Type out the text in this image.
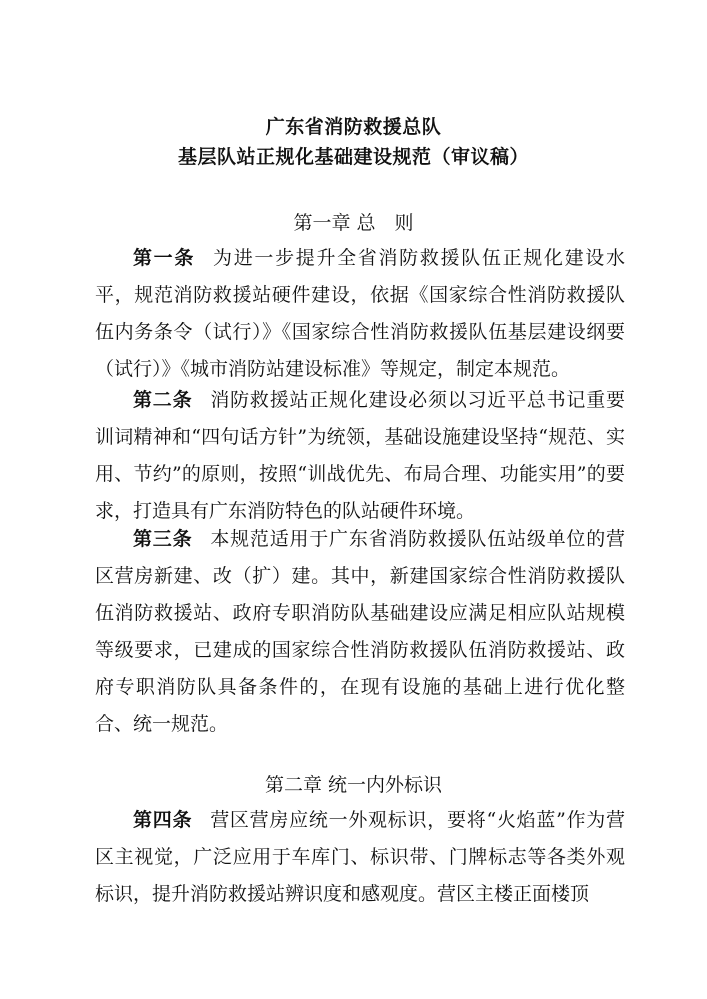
广东省消防救援总队
基层队站正规化基础建设规范（审议稿）
第一章 总　则

第一条 为进一步提升全省消防救援队伍正规化建设水平，规范消防救援站硬件建设，依据《国家综合性消防救援队伍内务条令（试行）》《国家综合性消防救援队伍基层建设纲要（试行）》《城市消防站建设标准》等规定，制定本规范。

第二条 消防救援站正规化建设必须以习近平总书记重要训词精神和“四句话方针”为统领，基础设施建设坚持“规范、实用、节约”的原则，按照“训战优先、布局合理、功能实用”的要求，打造具有广东消防特色的队站硬件环境。

第三条 本规范适用于广东省消防救援队伍站级单位的营区营房新建、改（扩）建。其中，新建国家综合性消防救援队伍消防救援站、政府专职消防队基础建设应满足相应队站规模等级要求，已建成的国家综合性消防救援队伍消防救援站、政府专职消防队具备条件的，在现有设施的基础上进行优化整合、统一规范。

第二章 统一内外标识

第四条 营区营房应统一外观标识，要将“火焰蓝”作为营区主视觉，广泛应用于车库门、标识带、门牌标志等各类外观标识，提升消防救援站辨识度和感观度。营区主楼正面楼顶
